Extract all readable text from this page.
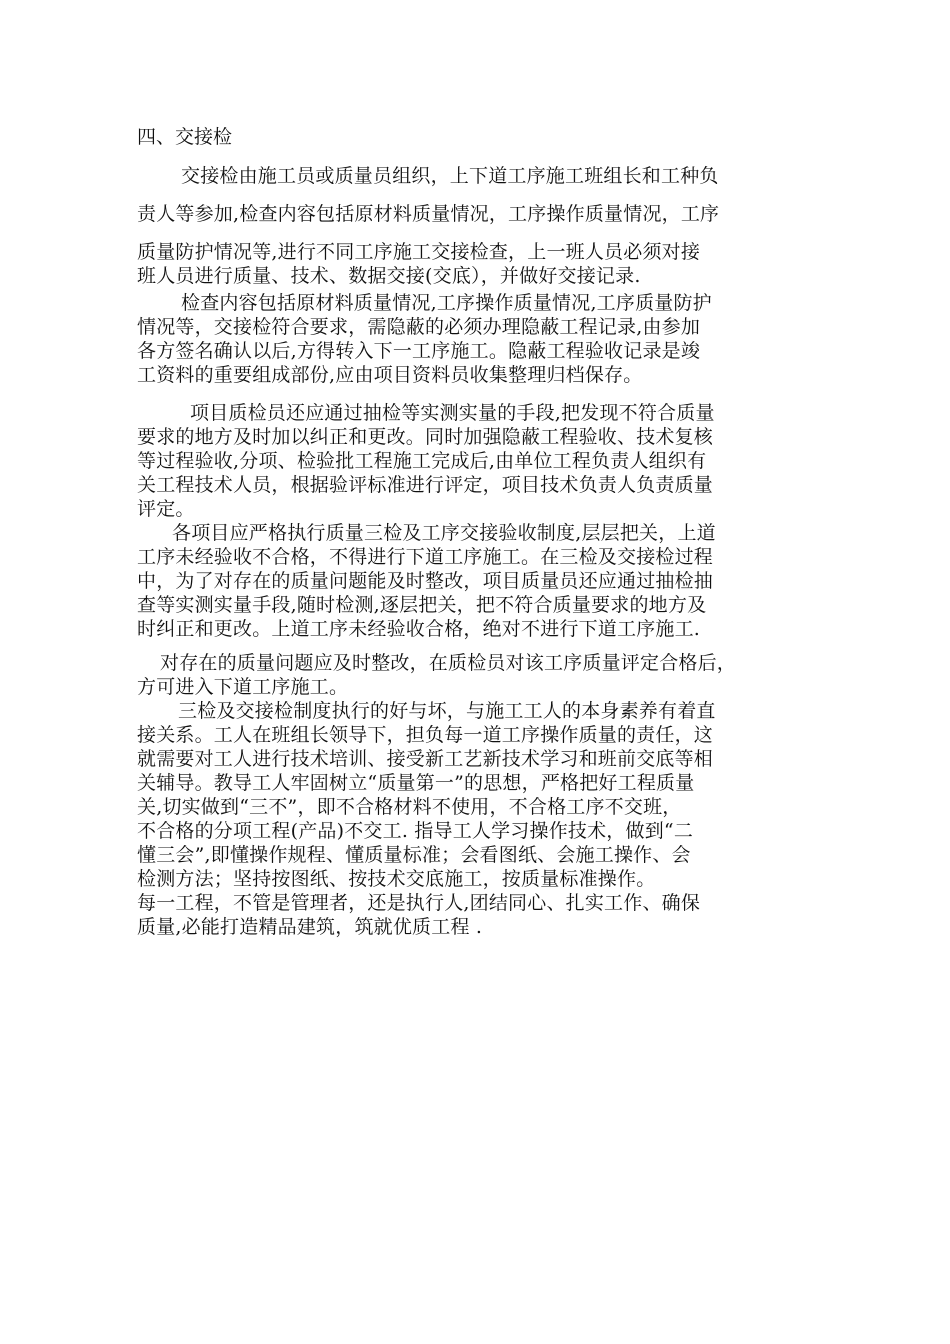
四、交接检
交接检由施工员或质量员组织，上下道工序施工班组长和工种负
责人等参加,检查内容包括原材料质量情况，工序操作质量情况，工序
质量防护情况等,进行不同工序施工交接检查，上一班人员必须对接
班人员进行质量、技术、数据交接(交底），并做好交接记录.
检查内容包括原材料质量情况,工序操作质量情况,工序质量防护
情况等，交接检符合要求，需隐蔽的必须办理隐蔽工程记录,由参加
各方签名确认以后,方得转入下一工序施工。隐蔽工程验收记录是竣
工资料的重要组成部份,应由项目资料员收集整理归档保存。
项目质检员还应通过抽检等实测实量的手段,把发现不符合质量
要求的地方及时加以纠正和更改。同时加强隐蔽工程验收、技术复核
等过程验收,分项、检验批工程施工完成后,由单位工程负责人组织有
关工程技术人员，根据验评标准进行评定，项目技术负责人负责质量
评定。
各项目应严格执行质量三检及工序交接验收制度,层层把关，上道
工序未经验收不合格，不得进行下道工序施工。在三检及交接检过程
中，为了对存在的质量问题能及时整改，项目质量员还应通过抽检抽
查等实测实量手段,随时检测,逐层把关，把不符合质量要求的地方及
时纠正和更改。上道工序未经验收合格，绝对不进行下道工序施工.
对存在的质量问题应及时整改，在质检员对该工序质量评定合格后，
方可进入下道工序施工。
三检及交接检制度执行的好与坏，与施工工人的本身素养有着直
接关系。工人在班组长领导下，担负每一道工序操作质量的责任，这
就需要对工人进行技术培训、接受新工艺新技术学习和班前交底等相
关辅导。教导工人牢固树立“质量第一”的思想，严格把好工程质量
关,切实做到“三不”，即不合格材料不使用，不合格工序不交班，
不合格的分项工程(产品)不交工. 指导工人学习操作技术，做到“二
懂三会”,即懂操作规程、懂质量标准；会看图纸、会施工操作、会
检测方法；坚持按图纸、按技术交底施工，按质量标准操作。
每一工程，不管是管理者，还是执行人,团结同心、扎实工作、确保
质量,必能打造精品建筑，筑就优质工程 .
